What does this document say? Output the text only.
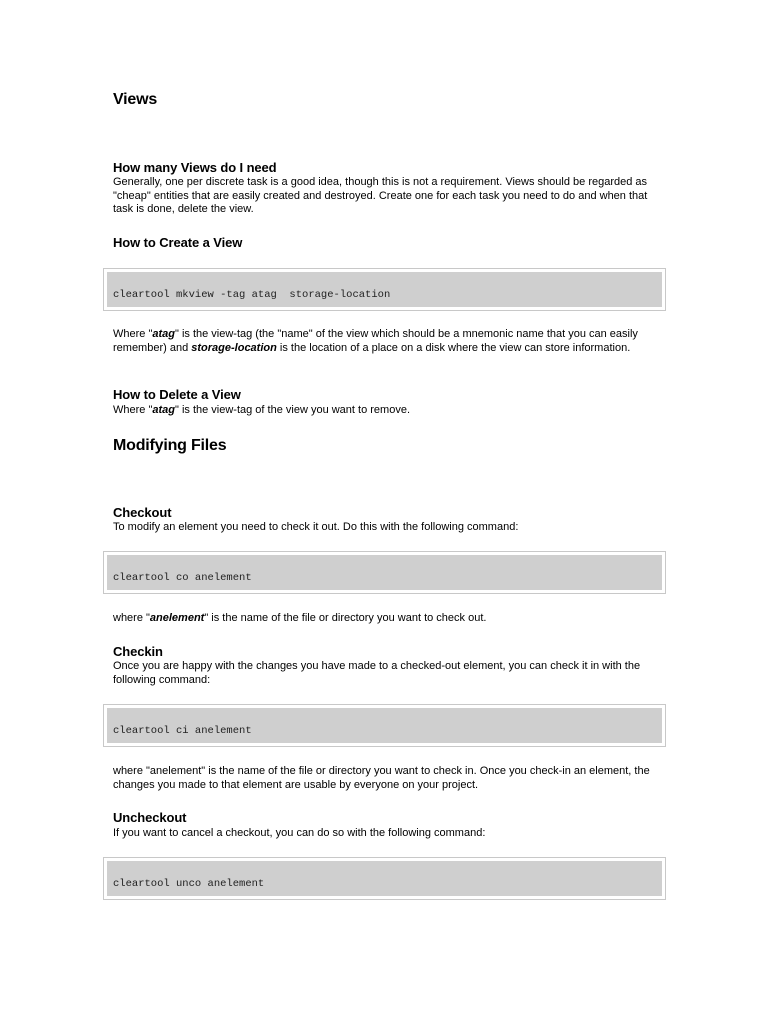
Views
How many Views do I need

Generally, one per discrete task is a good idea, though this is not a requirement. Views should be regarded as "cheap" entities that are easily created and destroyed. Create one for each task you need to do and when that task is done, delete the view.

How to Create a View
cleartool mkview -tag atag  storage-location

Where "atag" is the view-tag (the "name" of the view which should be a mnemonic name that you can easily remember) and storage-location is the location of a place on a disk where the view can store information.

How to Delete a View

Where "atag" is the view-tag of the view you want to remove.

Modifying Files
Checkout

To modify an element you need to check it out. Do this with the following command:

cleartool co anelement

where "anelement" is the name of the file or directory you want to check out.

Checkin

Once you are happy with the changes you have made to a checked-out element, you can check it in with the following command:

cleartool ci anelement

where "anelement" is the name of the file or directory you want to check in. Once you check-in an element, the changes you made to that element are usable by everyone on your project.

Uncheckout

If you want to cancel a checkout, you can do so with the following command:

cleartool unco anelement
